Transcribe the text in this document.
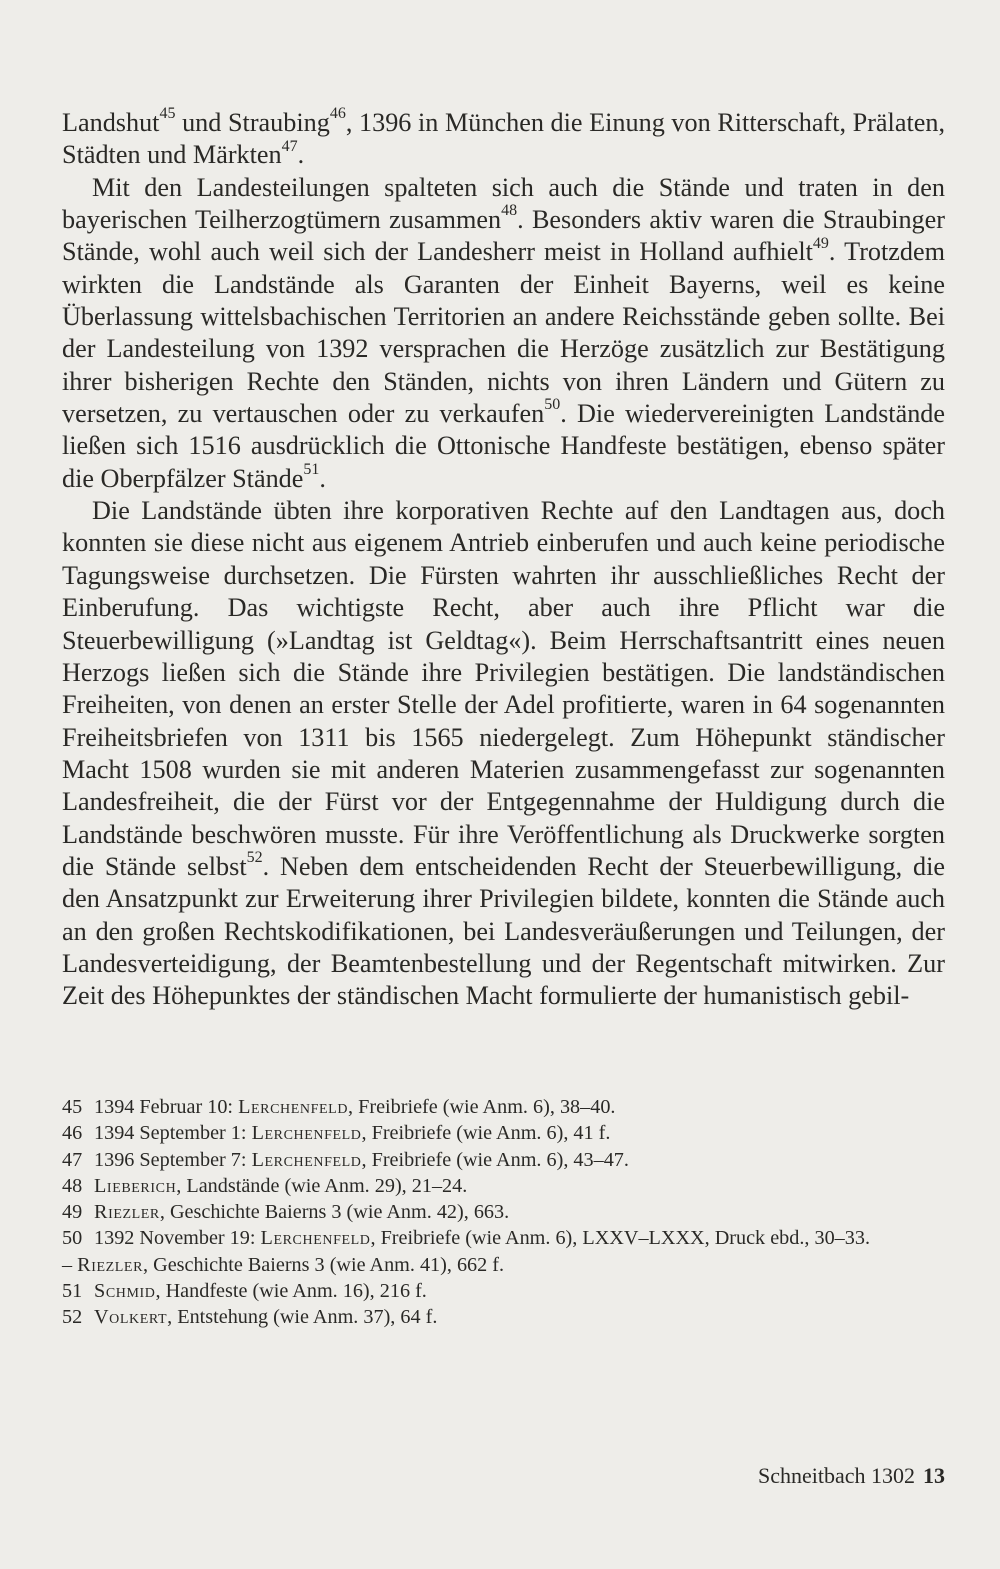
Landshut$^{45}$ und Straubing$^{46}$, 1396 in München die Einung von Ritterschaft, Prälaten, Städten und Märkten$^{47}$.

Mit den Landesteilungen spalteten sich auch die Stände und traten in den bayerischen Teilherzogtümern zusammen$^{48}$. Besonders aktiv waren die Straubinger Stände, wohl auch weil sich der Landesherr meist in Holland aufhielt$^{49}$. Trotzdem wirkten die Landstände als Garanten der Einheit Bayerns, weil es keine Überlassung wittelsbachischen Territorien an andere Reichsstände geben sollte. Bei der Landesteilung von 1392 versprachen die Herzöge zusätzlich zur Bestätigung ihrer bisherigen Rechte den Ständen, nichts von ihren Ländern und Gütern zu versetzen, zu vertauschen oder zu verkaufen$^{50}$. Die wiedervereinigten Landstände ließen sich 1516 ausdrücklich die Ottonische Handfeste bestätigen, ebenso später die Oberpfälzer Stände$^{51}$.

Die Landstände übten ihre korporativen Rechte auf den Landtagen aus, doch konnten sie diese nicht aus eigenem Antrieb einberufen und auch keine periodische Tagungsweise durchsetzen. Die Fürsten wahrten ihr ausschließliches Recht der Einberufung. Das wichtigste Recht, aber auch ihre Pflicht war die Steuerbewilligung (»Landtag ist Geldtag«). Beim Herrschaftsantritt eines neuen Herzogs ließen sich die Stände ihre Privilegien bestätigen. Die landständischen Freiheiten, von denen an erster Stelle der Adel profitierte, waren in 64 sogenannten Freiheitsbriefen von 1311 bis 1565 niedergelegt. Zum Höhepunkt ständischer Macht 1508 wurden sie mit anderen Materien zusammengefasst zur sogenannten Landesfreiheit, die der Fürst vor der Entgegennahme der Huldigung durch die Landstände beschwören musste. Für ihre Veröffentlichung als Druckwerke sorgten die Stände selbst$^{52}$. Neben dem entscheidenden Recht der Steuerbewilligung, die den Ansatzpunkt zur Erweiterung ihrer Privilegien bildete, konnten die Stände auch an den großen Rechtskodifikationen, bei Landesveräußerungen und Teilungen, der Landesverteidigung, der Beamtenbestellung und der Regentschaft mitwirken. Zur Zeit des Höhepunktes der ständischen Macht formulierte der humanistisch gebil-

45 1394 Februar 10: Lerchenfeld, Freibriefe (wie Anm. 6), 38–40.
46 1394 September 1: Lerchenfeld, Freibriefe (wie Anm. 6), 41 f.
47 1396 September 7: Lerchenfeld, Freibriefe (wie Anm. 6), 43–47.
48 Lieberich, Landstände (wie Anm. 29), 21–24.
49 Riezler, Geschichte Baierns 3 (wie Anm. 42), 663.
50 1392 November 19: Lerchenfeld, Freibriefe (wie Anm. 6), LXXV–LXXX, Druck ebd., 30–33.
– Riezler, Geschichte Baierns 3 (wie Anm. 41), 662 f.
51 Schmid, Handfeste (wie Anm. 16), 216 f.
52 Volkert, Entstehung (wie Anm. 37), 64 f.
Schneitbach 1302 13
